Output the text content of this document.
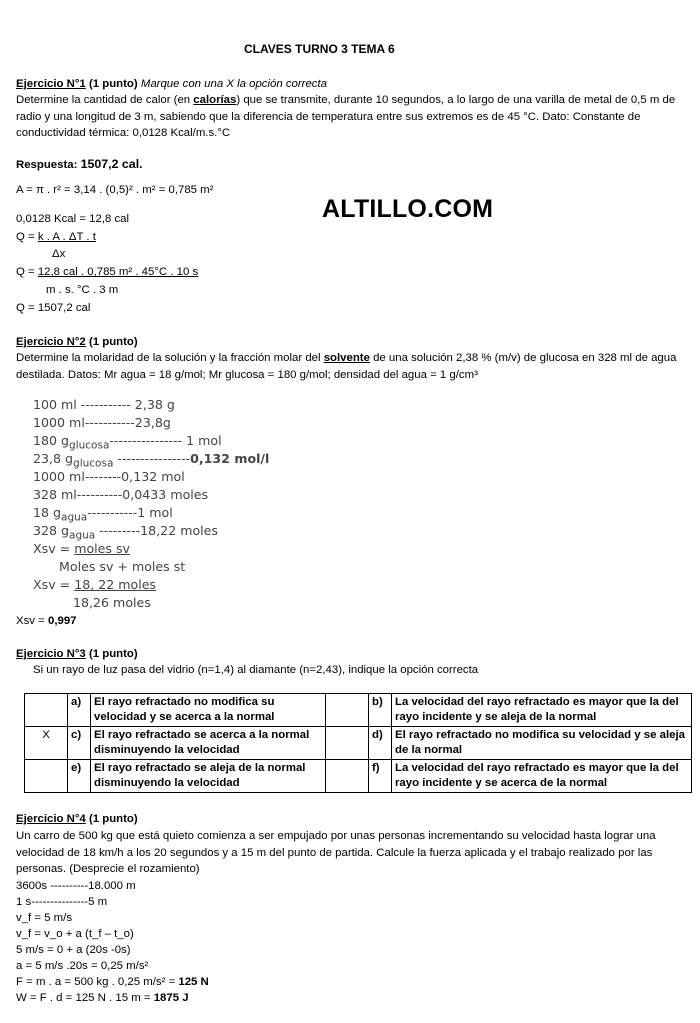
CLAVES TURNO 3 TEMA 6
ALTILLO.COM
Ejercicio N°1 (1 punto) Marque con una X la opción correcta
Determine la cantidad de calor (en calorías) que se transmite, durante 10 segundos, a lo largo de una varilla de metal de 0,5 m de radio y una longitud de 3 m, sabiendo que la diferencia de temperatura entre sus extremos es de 45 °C. Dato: Constante de conductividad térmica: 0,0128 Kcal/m.s.°C
Respuesta: 1507,2 cal.
A = π . r² = 3,14 . (0,5)² . m² = 0,785 m²
0,0128 Kcal = 12,8 cal
Q = k . A . ΔT . t
Δx
Q = 12,8 cal . 0,785 m² . 45°C . 10 s
m . s. °C . 3 m
Q = 1507,2 cal
Ejercicio N°2 (1 punto)
Determine la molaridad de la solución y la fracción molar del solvente de una solución 2,38 % (m/v) de glucosa en 328 ml de agua destilada. Datos: Mr agua = 18 g/mol; Mr glucosa = 180 g/mol; densidad del agua = 1 g/cm³
100 ml ----------- 2,38 g
1000 ml-----------23,8g
180 $g_{glucosa}----------------$ 1 mol
23,8 $g_{glucosa}$ ----------------0,132 mol/l
1000 ml--------0,132 mol
328 ml----------0,0433 moles
18 $g_{agua}-----------1$ mol
328 $g_{agua}$ ---------18,22 moles
Xsv = moles sv
Moles sv + moles st
Xsv = 18, 22 moles
18,26 moles
Xsv = 0,997
Ejercicio N°3 (1 punto)
Si un rayo de luz pasa del vidrio (n=1,4) al diamante (n=2,43), indique la opción correcta
	a)	El rayo refractado no modifica su velocidad y se acerca a la normal		b)	La velocidad del rayo refractado es mayor que la del rayo incidente y se aleja de la normal
X	c)	El rayo refractado se acerca a la normal disminuyendo la velocidad		d)	El rayo refractado no modifica su velocidad y se aleja de la normal
	e)	El rayo refractado se aleja de la normal disminuyendo la velocidad		f)	La velocidad del rayo refractado es mayor que la del rayo incidente y se acerca de la normal
Ejercicio N°4 (1 punto)
Un carro de 500 kg que está quieto comienza a ser empujado por unas personas incrementando su velocidad hasta lograr una velocidad de 18 km/h a los 20 segundos y a 15 m del punto de partida. Calcule la fuerza aplicada y el trabajo realizado por las personas. (Desprecie el rozamiento)
3600s ----------18.000 m
1 s---------------5 m
v_f = 5 m/s
v_f = v_o + a (t_f – t_o)
5 m/s = 0 + a (20s -0s)
a = 5 m/s .20s = 0,25 m/s²
F = m . a = 500 kg . 0,25 m/s² = 125 N
W = F . d = 125 N . 15 m = 1875 J
